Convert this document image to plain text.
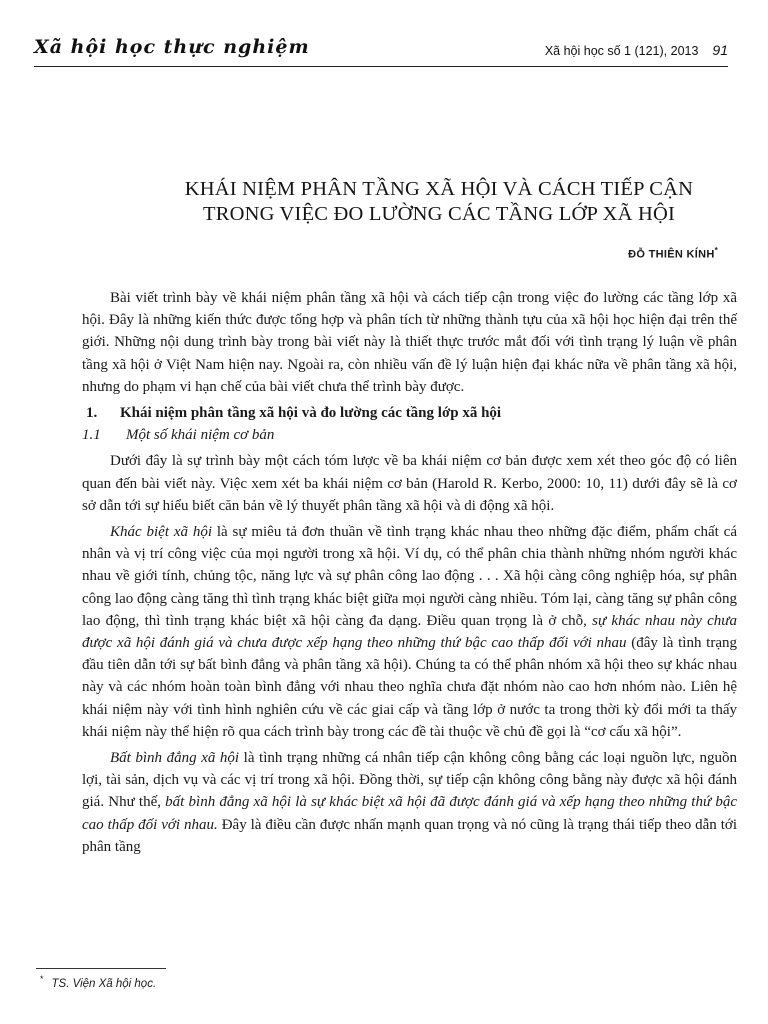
Xã hội học thực nghiệm	Xã hội học số 1 (121), 2013 91
KHÁI NIỆM PHÂN TẦNG XÃ HỘI VÀ CÁCH TIẾP CẬN
TRONG VIỆC ĐO LƯỜNG CÁC TẦNG LỚP XÃ HỘI
ĐỖ THIÊN KÍNH*

Bài viết trình bày về khái niệm phân tầng xã hội và cách tiếp cận trong việc đo lường các tầng lớp xã hội. Đây là những kiến thức được tổng hợp và phân tích từ những thành tựu của xã hội học hiện đại trên thế giới. Những nội dung trình bày trong bài viết này là thiết thực trước mắt đối với tình trạng lý luận về phân tầng xã hội ở Việt Nam hiện nay. Ngoài ra, còn nhiều vấn đề lý luận hiện đại khác nữa về phân tầng xã hội, nhưng do phạm vi hạn chế của bài viết chưa thể trình bày được.

1. Khái niệm phân tầng xã hội và đo lường các tầng lớp xã hội

1.1 Một số khái niệm cơ bản

Dưới đây là sự trình bày một cách tóm lược về ba khái niệm cơ bản được xem xét theo góc độ có liên quan đến bài viết này. Việc xem xét ba khái niệm cơ bản (Harold R. Kerbo, 2000: 10, 11) dưới đây sẽ là cơ sở dẫn tới sự hiểu biết căn bản về lý thuyết phân tầng xã hội và di động xã hội.

Khác biệt xã hội là sự miêu tả đơn thuần về tình trạng khác nhau theo những đặc điểm, phẩm chất cá nhân và vị trí công việc của mọi người trong xã hội. Ví dụ, có thể phân chia thành những nhóm người khác nhau về giới tính, chủng tộc, năng lực và sự phân công lao động . . . Xã hội càng công nghiệp hóa, sự phân công lao động càng tăng thì tình trạng khác biệt giữa mọi người càng nhiều. Tóm lại, càng tăng sự phân công lao động, thì tình trạng khác biệt xã hội càng đa dạng. Điều quan trọng là ở chỗ, sự khác nhau này chưa được xã hội đánh giá và chưa được xếp hạng theo những thứ bậc cao thấp đối với nhau (đây là tình trạng đầu tiên dẫn tới sự bất bình đẳng và phân tầng xã hội). Chúng ta có thể phân nhóm xã hội theo sự khác nhau này và các nhóm hoàn toàn bình đẳng với nhau theo nghĩa chưa đặt nhóm nào cao hơn nhóm nào. Liên hệ khái niệm này với tình hình nghiên cứu về các giai cấp và tầng lớp ở nước ta trong thời kỳ đổi mới ta thấy khái niệm này thể hiện rõ qua cách trình bày trong các đề tài thuộc về chủ đề gọi là “cơ cấu xã hội”.

Bất bình đẳng xã hội là tình trạng những cá nhân tiếp cận không công bằng các loại nguồn lực, nguồn lợi, tài sản, dịch vụ và các vị trí trong xã hội. Đồng thời, sự tiếp cận không công bằng này được xã hội đánh giá. Như thế, bất bình đẳng xã hội là sự khác biệt xã hội đã được đánh giá và xếp hạng theo những thứ bậc cao thấp đối với nhau. Đây là điều cần được nhấn mạnh quan trọng và nó cũng là trạng thái tiếp theo dẫn tới phân tầng

* TS. Viện Xã hội học.
